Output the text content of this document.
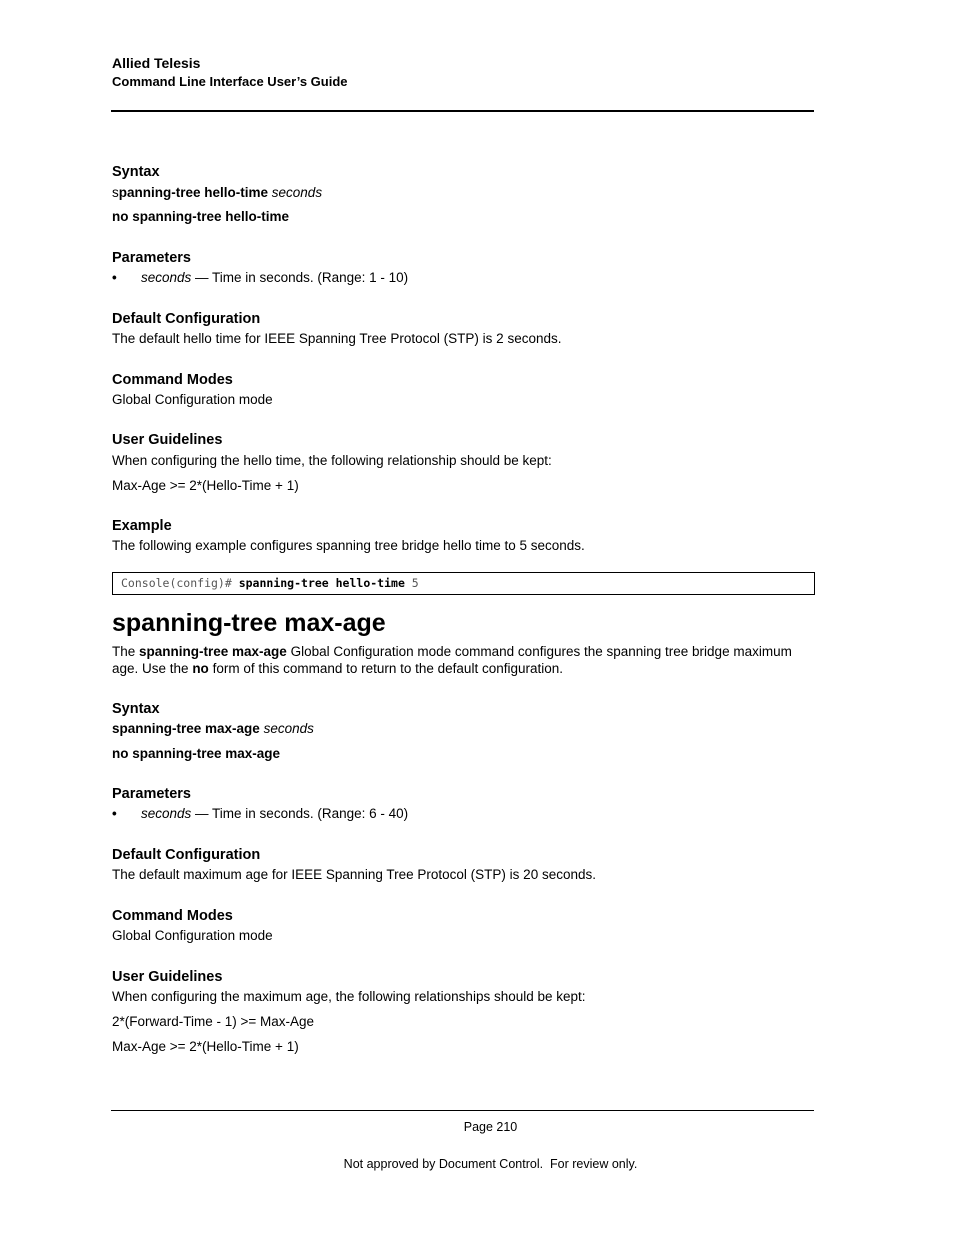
Allied Telesis
Command Line Interface User’s Guide
Syntax
spanning-tree hello-time seconds
no spanning-tree hello-time
Parameters
• seconds — Time in seconds. (Range: 1 - 10)
Default Configuration
The default hello time for IEEE Spanning Tree Protocol (STP) is 2 seconds.
Command Modes
Global Configuration mode
User Guidelines
When configuring the hello time, the following relationship should be kept:
Max-Age >= 2*(Hello-Time + 1)
Example
The following example configures spanning tree bridge hello time to 5 seconds.
Console(config)# spanning-tree hello-time 5
spanning-tree max-age
The spanning-tree max-age Global Configuration mode command configures the spanning tree bridge maximum age. Use the no form of this command to return to the default configuration.
Syntax
spanning-tree max-age seconds
no spanning-tree max-age
Parameters
• seconds — Time in seconds. (Range: 6 - 40)
Default Configuration
The default maximum age for IEEE Spanning Tree Protocol (STP) is 20 seconds.
Command Modes
Global Configuration mode
User Guidelines
When configuring the maximum age, the following relationships should be kept:
2*(Forward-Time - 1) >= Max-Age
Max-Age >= 2*(Hello-Time + 1)
Page 210
Not approved by Document Control.  For review only.
